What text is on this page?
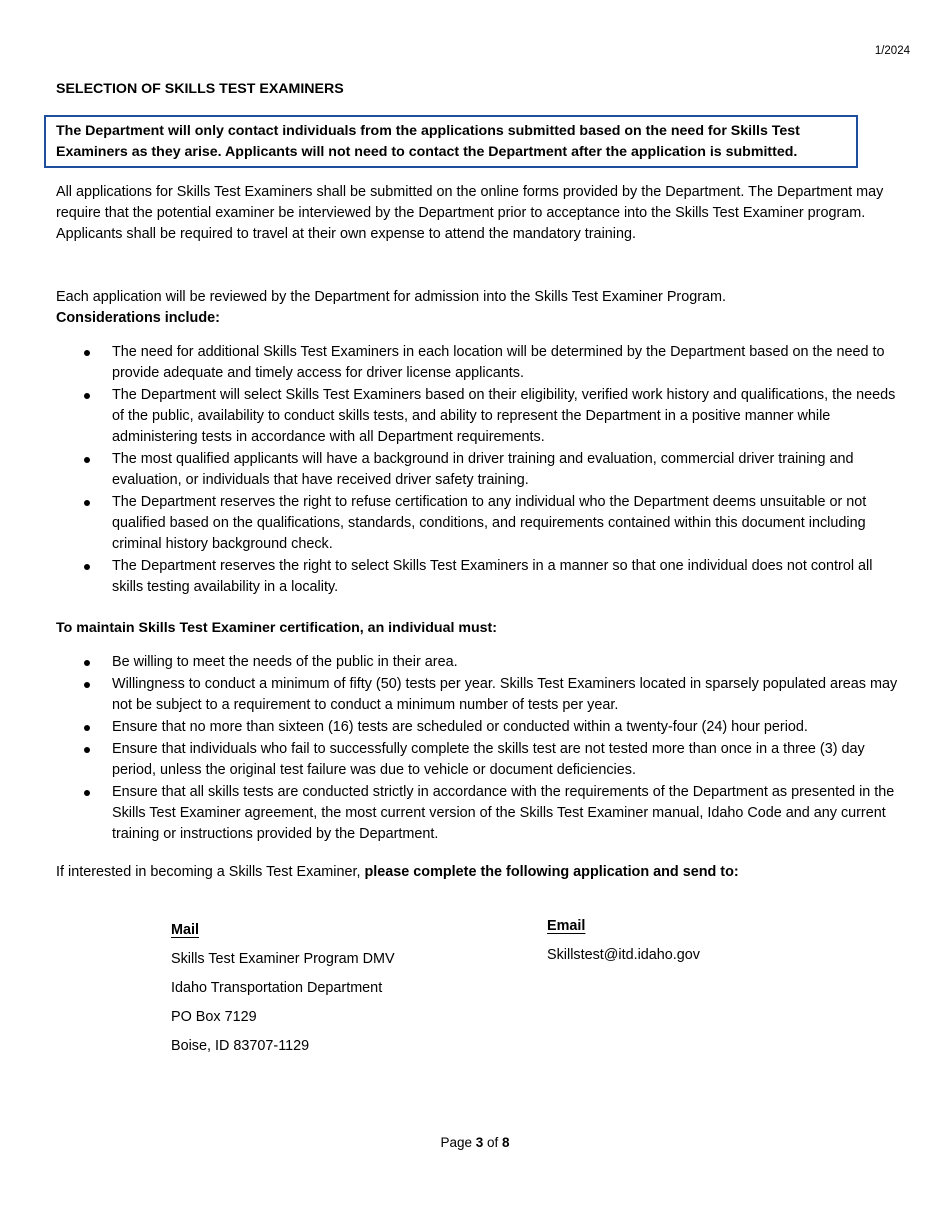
1/2024
SELECTION OF SKILLS TEST EXAMINERS
The Department will only contact individuals from the applications submitted based on the need for Skills Test Examiners as they arise. Applicants will not need to contact the Department after the application is submitted.
All applications for Skills Test Examiners shall be submitted on the online forms provided by the Department. The Department may require that the potential examiner be interviewed by the Department prior to acceptance into the Skills Test Examiner program. Applicants shall be required to travel at their own expense to attend the mandatory training.
Each application will be reviewed by the Department for admission into the Skills Test Examiner Program.
Considerations include:
The need for additional Skills Test Examiners in each location will be determined by the Department based on the need to provide adequate and timely access for driver license applicants.
The Department will select Skills Test Examiners based on their eligibility, verified work history and qualifications, the needs of the public, availability to conduct skills tests, and ability to represent the Department in a positive manner while administering tests in accordance with all Department requirements.
The most qualified applicants will have a background in driver training and evaluation, commercial driver training and evaluation, or individuals that have received driver safety training.
The Department reserves the right to refuse certification to any individual who the Department deems unsuitable or not qualified based on the qualifications, standards, conditions, and requirements contained within this document including criminal history background check.
The Department reserves the right to select Skills Test Examiners in a manner so that one individual does not control all skills testing availability in a locality.
To maintain Skills Test Examiner certification, an individual must:
Be willing to meet the needs of the public in their area.
Willingness to conduct a minimum of fifty (50) tests per year. Skills Test Examiners located in sparsely populated areas may not be subject to a requirement to conduct a minimum number of tests per year.
Ensure that no more than sixteen (16) tests are scheduled or conducted within a twenty-four (24) hour period.
Ensure that individuals who fail to successfully complete the skills test are not tested more than once in a three (3) day period, unless the original test failure was due to vehicle or document deficiencies.
Ensure that all skills tests are conducted strictly in accordance with the requirements of the Department as presented in the Skills Test Examiner agreement, the most current version of the Skills Test Examiner manual, Idaho Code and any current training or instructions provided by the Department.
If interested in becoming a Skills Test Examiner, please complete the following application and send to:
Mail
Skills Test Examiner Program DMV
Idaho Transportation Department
PO Box 7129
Boise, ID 83707-1129
Email
Skillstest@itd.idaho.gov
Page 3 of 8
